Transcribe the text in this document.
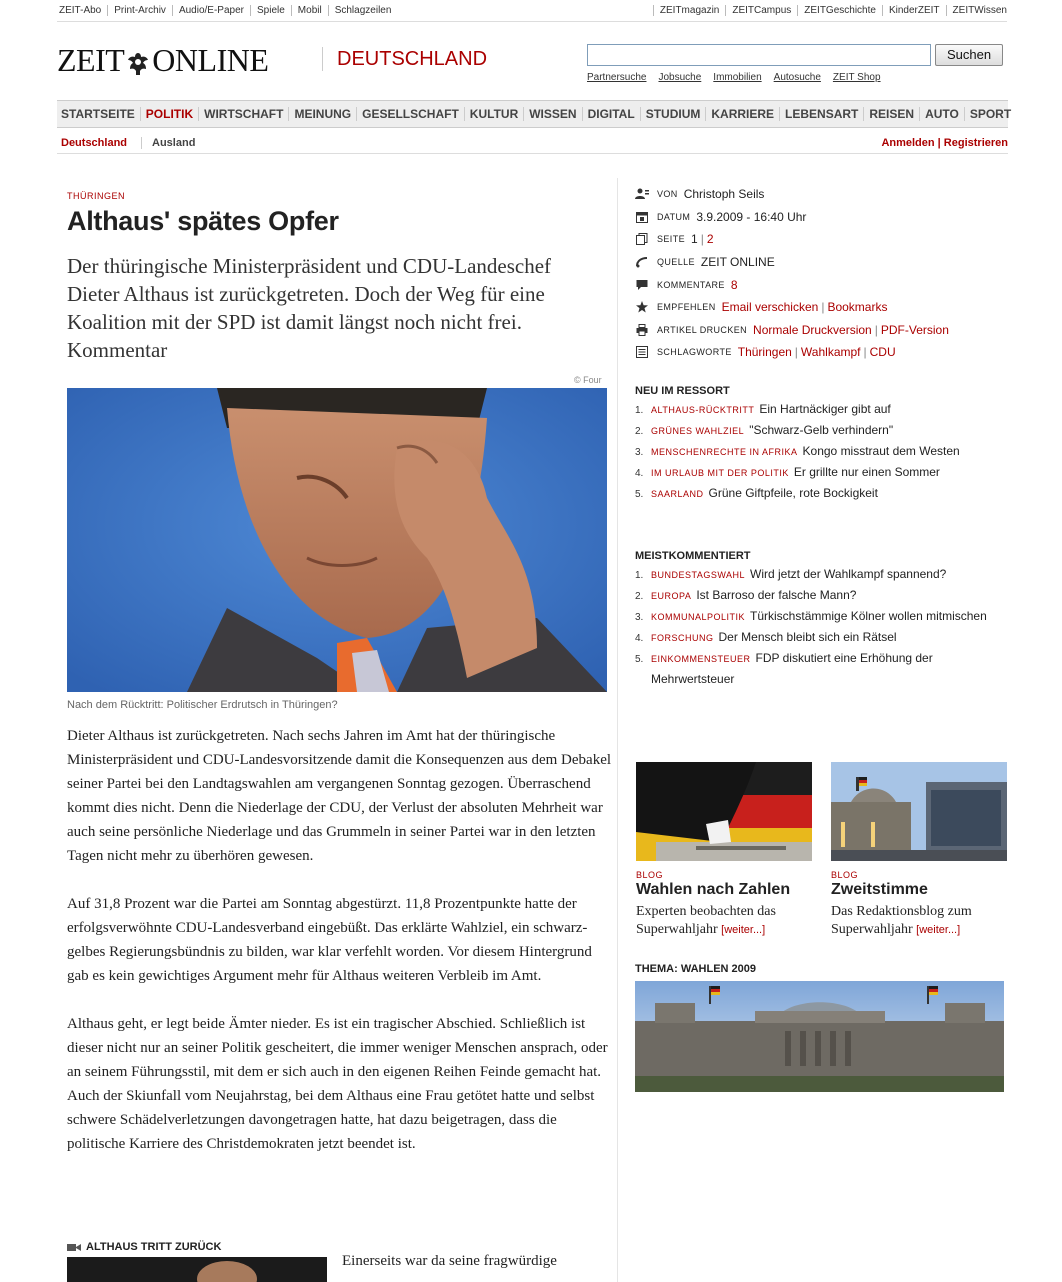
ZEIT-Abo	Print-Archiv	Audio/E-Paper	Spiele	Mobil	Schlagzeilen	ZEITmagazin	ZEITCampus	ZEITGeschichte	KinderZEIT	ZEITWissen
ZEIT ONLINE	DEUTSCHLAND	Suchen
Partnersuche Jobsuche Immobilien Autosuche ZEIT Shop
STARTSEITE POLITIK WIRTSCHAFT MEINUNG GESELLSCHAFT KULTUR WISSEN DIGITAL STUDIUM KARRIERE LEBENSART REISEN AUTO SPORT
Deutschland	Ausland	Anmelden | Registrieren
THÜRINGEN
Althaus' spätes Opfer
Der thüringische Ministerpräsident und CDU-Landeschef Dieter Althaus ist zurückgetreten. Doch der Weg für eine Koalition mit der SPD ist damit längst noch nicht frei. Kommentar
© Four
Nach dem Rücktritt: Politischer Erdrutsch in Thüringen?

Dieter Althaus ist zurückgetreten. Nach sechs Jahren im Amt hat der thüringische Ministerpräsident und CDU-Landesvorsitzende damit die Konsequenzen aus dem Debakel seiner Partei bei den Landtagswahlen am vergangenen Sonntag gezogen. Überraschend kommt dies nicht. Denn die Niederlage der CDU, der Verlust der absoluten Mehrheit war auch seine persönliche Niederlage und das Grummeln in seiner Partei war in den letzten Tagen nicht mehr zu überhören gewesen.

Auf 31,8 Prozent war die Partei am Sonntag abgestürzt. 11,8 Prozentpunkte hatte der erfolgsverwöhnte CDU-Landesverband eingebüßt. Das erklärte Wahlziel, ein schwarz-gelbes Regierungsbündnis zu bilden, war klar verfehlt worden. Vor diesem Hintergrund gab es kein gewichtiges Argument mehr für Althaus weiteren Verbleib im Amt.

Althaus geht, er legt beide Ämter nieder. Es ist ein tragischer Abschied. Schließlich ist dieser nicht nur an seiner Politik gescheitert, die immer weniger Menschen ansprach, oder an seinem Führungsstil, mit dem er sich auch in den eigenen Reihen Feinde gemacht hat. Auch der Skiunfall vom Neujahrstag, bei dem Althaus eine Frau getötet hatte und selbst schwere Schädelverletzungen davongetragen hatte, hat dazu beigetragen, dass die politische Karriere des Christdemokraten jetzt beendet ist.

ALTHAUS TRITT ZURÜCK
Einerseits war da seine fragwürdige
VON Christoph Seils
DATUM 3.9.2009 - 16:40 Uhr
SEITE 1 | 2
QUELLE ZEIT ONLINE
KOMMENTARE 8
EMPFEHLEN Email verschicken | Bookmarks
ARTIKEL DRUCKEN Normale Druckversion | PDF-Version
SCHLAGWORTE Thüringen | Wahlkampf | CDU
NEU IM RESSORT
1. ALTHAUS-RÜCKTRITT Ein Hartnäckiger gibt auf
2. GRÜNES WAHLZIEL "Schwarz-Gelb verhindern"
3. MENSCHENRECHTE IN AFRIKA Kongo misstraut dem Westen
4. IM URLAUB MIT DER POLITIK Er grillte nur einen Sommer
5. SAARLAND Grüne Giftpfeile, rote Bockigkeit
MEISTKOMMENTIERT
1. BUNDESTAGSWAHL Wird jetzt der Wahlkampf spannend?
2. EUROPA Ist Barroso der falsche Mann?
3. KOMMUNALPOLITIK Türkischstämmige Kölner wollen mitmischen
4. FORSCHUNG Der Mensch bleibt sich ein Rätsel
5. EINKOMMENSTEUER FDP diskutiert eine Erhöhung der
Mehrwertsteuer
BLOG
Wahlen nach Zahlen
Experten beobachten das Superwahljahr [weiter...]
BLOG
Zweitstimme
Das Redaktionsblog zum Superwahljahr [weiter...]
THEMA: WAHLEN 2009
